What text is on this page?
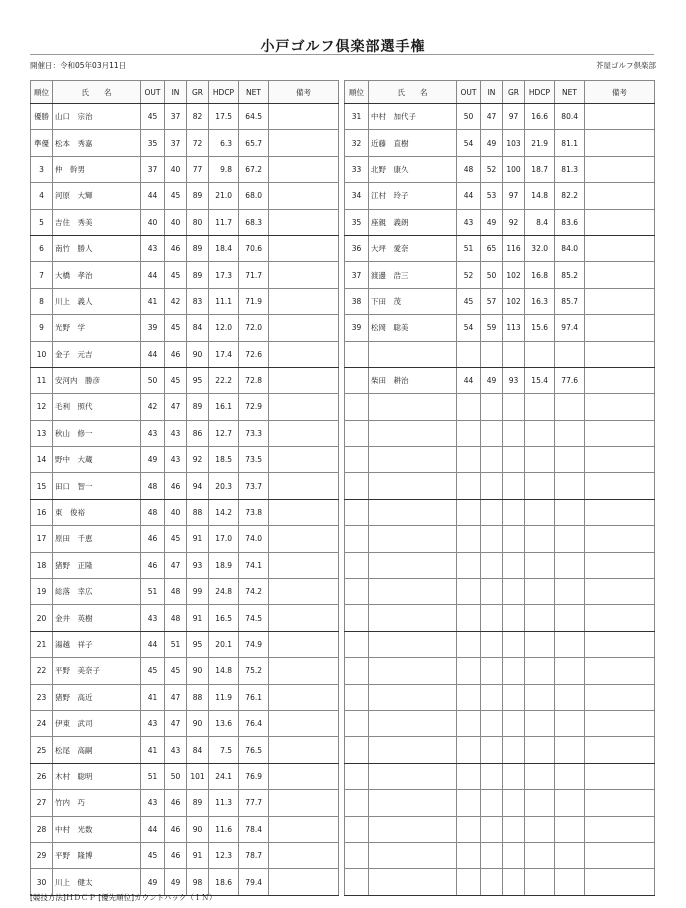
小戸ゴルフ倶楽部選手権
開催日：令和05年03月11日	芥屋ゴルフ倶楽部
順位	氏　　名	OUT	IN	GR	HDCP	NET	備考
優勝	山口　宗治	45	37	82	17.5	64.5	
準優	松本　秀嘉	35	37	72	6.3	65.7	
3	仲　幹男	37	40	77	9.8	67.2	
4	河原　大輝	44	45	89	21.0	68.0	
5	吉住　秀美	40	40	80	11.7	68.3	
6	南竹　勝人	43	46	89	18.4	70.6	
7	大橋　孝治	44	45	89	17.3	71.7	
8	川上　義人	41	42	83	11.1	71.9	
9	光野　学	39	45	84	12.0	72.0	
10	金子　元吉	44	46	90	17.4	72.6	
11	安河内　勝彦	50	45	95	22.2	72.8	
12	毛利　照代	42	47	89	16.1	72.9	
13	秋山　修一	43	43	86	12.7	73.3	
14	野中　大蔵	49	43	92	18.5	73.5	
15	田口　智一	48	46	94	20.3	73.7	
16	東　俊裕	48	40	88	14.2	73.8	
17	原田　千恵	46	45	91	17.0	74.0	
18	猪野　正隆	46	47	93	18.9	74.1	
19	総落　幸広	51	48	99	24.8	74.2	
20	金井　英樹	43	48	91	16.5	74.5	
21	湯越　祥子	44	51	95	20.1	74.9	
22	平野　美奈子	45	45	90	14.8	75.2	
23	猪野　高近	41	47	88	11.9	76.1	
24	伊東　武司	43	47	90	13.6	76.4	
25	松尾　高嗣	41	43	84	7.5	76.5	
26	木村　聡明	51	50	101	24.1	76.9	
27	竹内　巧	43	46	89	11.3	77.7	
28	中村　光数	44	46	90	11.6	78.4	
29	平野　隆博	45	46	91	12.3	78.7	
30	川上　健太	49	49	98	18.6	79.4	
順位	氏　　名	OUT	IN	GR	HDCP	NET	備考
31	中村　加代子	50	47	97	16.6	80.4	
32	近藤　直樹	54	49	103	21.9	81.1	
33	北野　康久	48	52	100	18.7	81.3	
34	江村　玲子	44	53	97	14.8	82.2	
35	座親　義朗	43	49	92	8.4	83.6	
36	大坪　愛奈	51	65	116	32.0	84.0	
37	渡邊　浩三	52	50	102	16.8	85.2	
38	下田　茂	45	57	102	16.3	85.7	
39	松岡　聡美	54	59	113	15.6	97.4	

	柴田　耕治	44	49	93	15.4	77.6	

[競技方法]ＨＤＣＰ [優先順位]カウントバック（ＩＮ）
